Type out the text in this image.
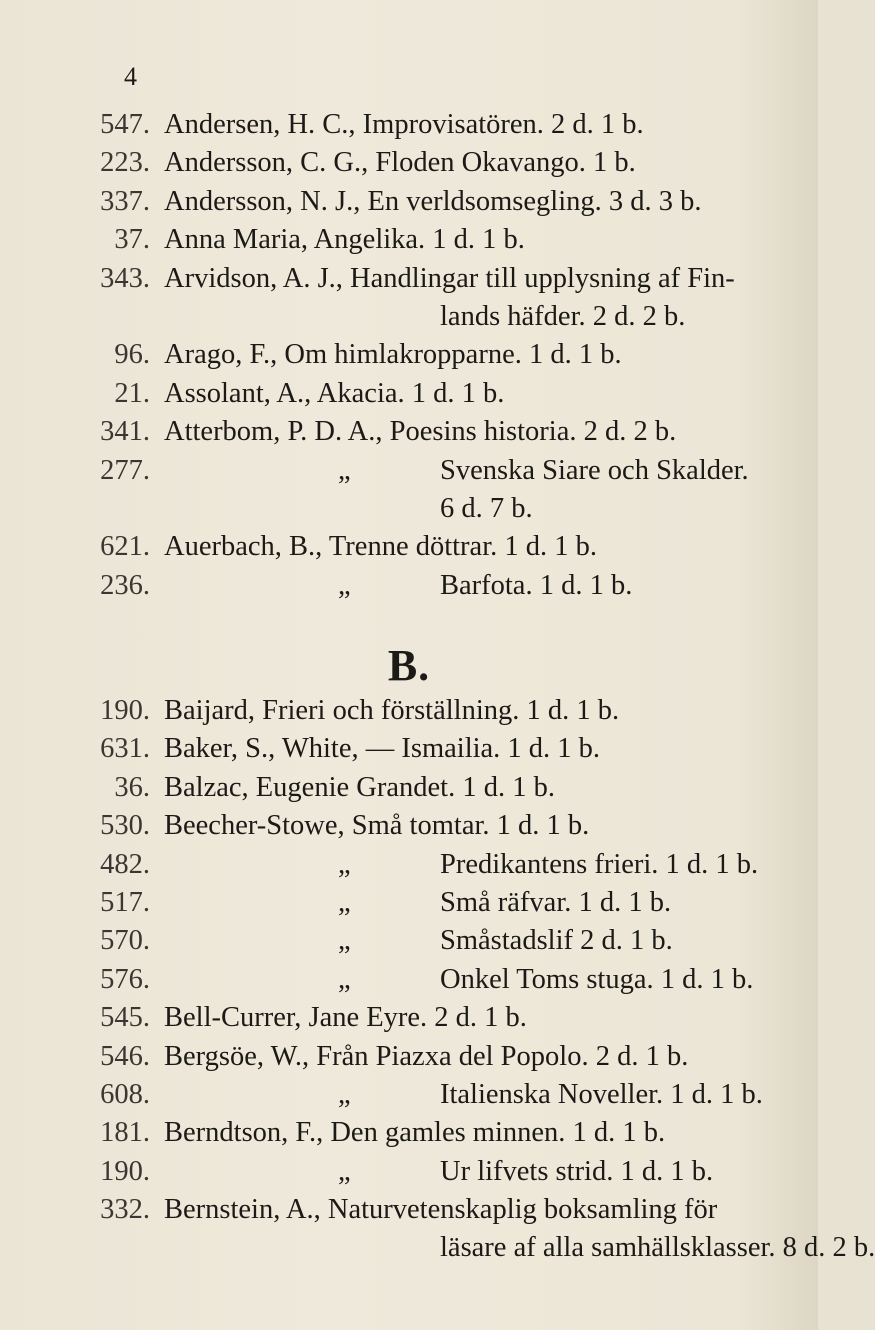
4
547. Andersen, H. C., Improvisatören. 2 d. 1 b.
223. Andersson, C. G., Floden Okavango. 1 b.
337. Andersson, N. J., En verldsomsegling. 3 d. 3 b.
37. Anna Maria, Angelika. 1 d. 1 b.
343. Arvidson, A. J., Handlingar till upplysning af Fin-
lands häfder. 2 d. 2 b.
96. Arago, F., Om himlakropparne. 1 d. 1 b.
21. Assolant, A., Akacia. 1 d. 1 b.
341. Atterbom, P. D. A., Poesins historia. 2 d. 2 b.
277.	„	Svenska Siare och Skalder.
6 d. 7 b.
621. Auerbach, B., Trenne döttrar. 1 d. 1 b.
236.	„	Barfota. 1 d. 1 b.
B.
190. Baijard, Frieri och förställning. 1 d. 1 b.
631. Baker, S., White, — Ismailia. 1 d. 1 b.
36. Balzac, Eugenie Grandet. 1 d. 1 b.
530. Beecher-Stowe, Små tomtar. 1 d. 1 b.
482.	„	Predikantens frieri. 1 d. 1 b.
517.	„	Små räfvar. 1 d. 1 b.
570.	„	Småstadslif 2 d. 1 b.
576.	„	Onkel Toms stuga. 1 d. 1 b.
545. Bell-Currer, Jane Eyre. 2 d. 1 b.
546. Bergsöe, W., Från Piazxa del Popolo. 2 d. 1 b.
608.	„	Italienska Noveller. 1 d. 1 b.
181. Berndtson, F., Den gamles minnen. 1 d. 1 b.
190.	„	Ur lifvets strid. 1 d. 1 b.
332. Bernstein, A., Naturvetenskaplig boksamling för
läsare af alla samhällsklasser. 8 d. 2 b.
